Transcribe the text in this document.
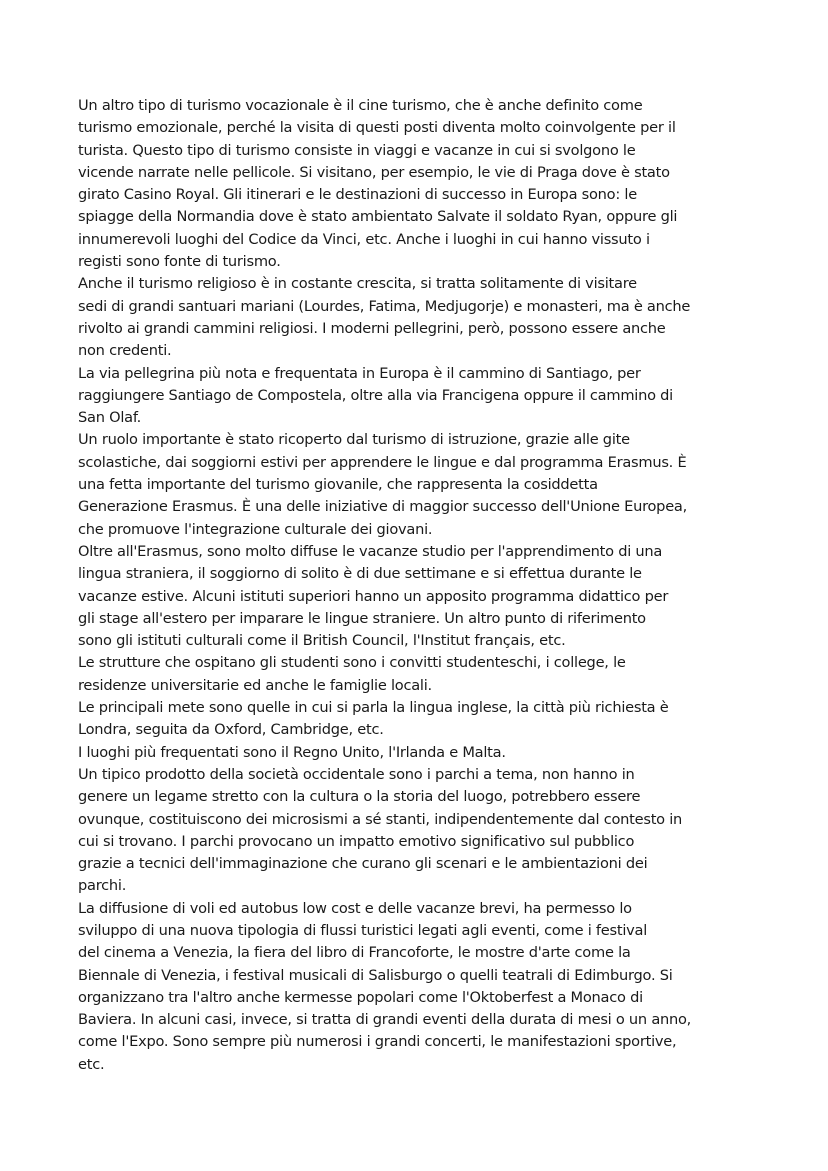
Un altro tipo di turismo vocazionale è il cine turismo, che è anche definito come
turismo emozionale, perché la visita di questi posti diventa molto coinvolgente per il
turista. Questo tipo di turismo consiste in viaggi e vacanze in cui si svolgono le
vicende narrate nelle pellicole. Si visitano, per esempio, le vie di Praga dove è stato
girato Casino Royal. Gli itinerari e le destinazioni di successo in Europa sono: le
spiagge della Normandia dove è stato ambientato Salvate il soldato Ryan, oppure gli
innumerevoli luoghi del Codice da Vinci, etc. Anche i luoghi in cui hanno vissuto i
registi sono fonte di turismo.

Anche il turismo religioso è in costante crescita, si tratta solitamente di visitare
sedi di grandi santuari mariani (Lourdes, Fatima, Medjugorje) e monasteri, ma è anche
rivolto ai grandi cammini religiosi. I moderni pellegrini, però, possono essere anche
non credenti.

La via pellegrina più nota e frequentata in Europa è il cammino di Santiago, per
raggiungere Santiago de Compostela, oltre alla via Francigena oppure il cammino di
San Olaf.

Un ruolo importante è stato ricoperto dal turismo di istruzione, grazie alle gite
scolastiche, dai soggiorni estivi per apprendere le lingue e dal programma Erasmus. È
una fetta importante del turismo giovanile, che rappresenta la cosiddetta
Generazione Erasmus. È una delle iniziative di maggior successo dell'Unione Europea,
che promuove l'integrazione culturale dei giovani.

Oltre all'Erasmus, sono molto diffuse le vacanze studio per l'apprendimento di una
lingua straniera, il soggiorno di solito è di due settimane e si effettua durante le
vacanze estive. Alcuni istituti superiori hanno un apposito programma didattico per
gli stage all'estero per imparare le lingue straniere. Un altro punto di riferimento
sono gli istituti culturali come il British Council, l'Institut français, etc.

Le strutture che ospitano gli studenti sono i convitti studenteschi, i college, le
residenze universitarie ed anche le famiglie locali.

Le principali mete sono quelle in cui si parla la lingua inglese, la città più richiesta è
Londra, seguita da Oxford, Cambridge, etc.

I luoghi più frequentati sono il Regno Unito, l'Irlanda e Malta.

Un tipico prodotto della società occidentale sono i parchi a tema, non hanno in
genere un legame stretto con la cultura o la storia del luogo, potrebbero essere
ovunque, costituiscono dei microsismi a sé stanti, indipendentemente dal contesto in
cui si trovano. I parchi provocano un impatto emotivo significativo sul pubblico
grazie a tecnici dell'immaginazione che curano gli scenari e le ambientazioni dei
parchi.

La diffusione di voli ed autobus low cost e delle vacanze brevi, ha permesso lo
sviluppo di una nuova tipologia di flussi turistici legati agli eventi, come i festival
del cinema a Venezia, la fiera del libro di Francoforte, le mostre d'arte come la
Biennale di Venezia, i festival musicali di Salisburgo o quelli teatrali di Edimburgo. Si
organizzano tra l'altro anche kermesse popolari come l'Oktoberfest a Monaco di
Baviera. In alcuni casi, invece, si tratta di grandi eventi della durata di mesi o un anno,
come l'Expo. Sono sempre più numerosi i grandi concerti, le manifestazioni sportive,
etc.
